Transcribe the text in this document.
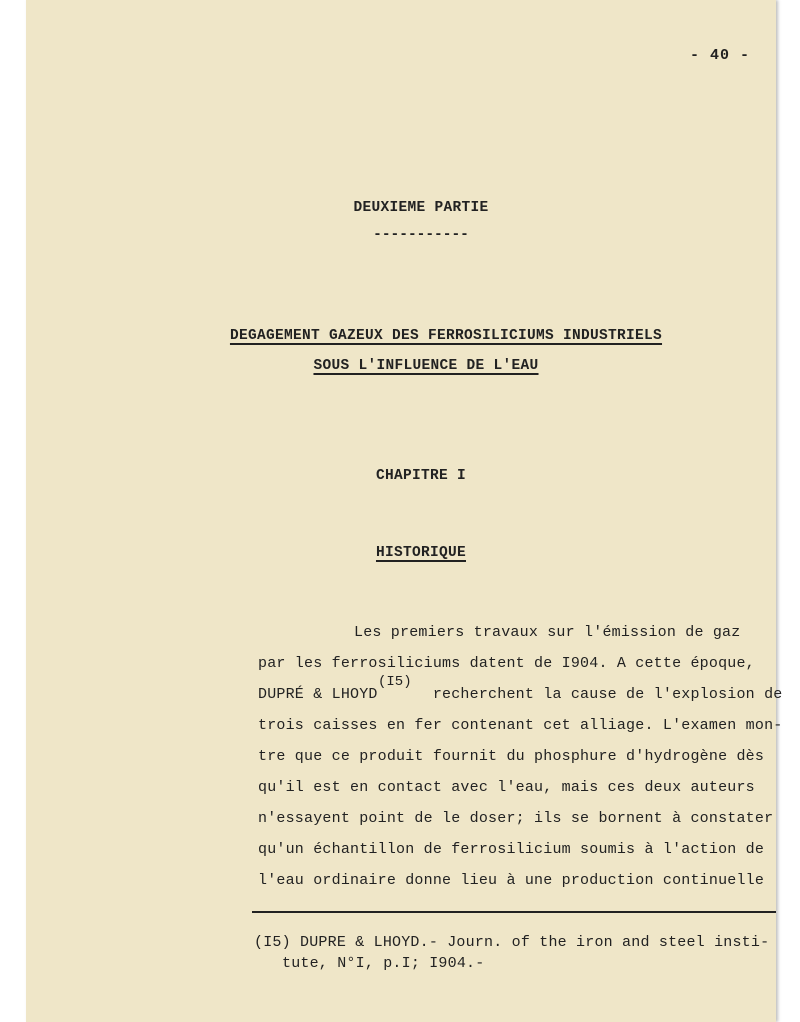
- 40 -
DEUXIEME PARTIE
-----------
DEGAGEMENT GAZEUX DES FERROSILICIUMS INDUSTRIELS
SOUS L'INFLUENCE DE L'EAU
CHAPITRE I
HISTORIQUE
Les premiers travaux sur l'émission de gaz
par les ferrosiliciums datent de I904. A cette époque,
DUPRÉ & LHOYD      recherchent la cause de l'explosion de
trois caisses en fer contenant cet alliage. L'examen mon-
tre que ce produit fournit du phosphure d'hydrogène dès
qu'il est en contact avec l'eau, mais ces deux auteurs
n'essayent point de le doser; ils se bornent à constater
qu'un échantillon de ferrosilicium soumis à l'action de
l'eau ordinaire donne lieu à une production continuelle
(I5)
(I5) DUPRE & LHOYD.- Journ. of the iron and steel insti-
tute, N°I, p.I; I904.-
